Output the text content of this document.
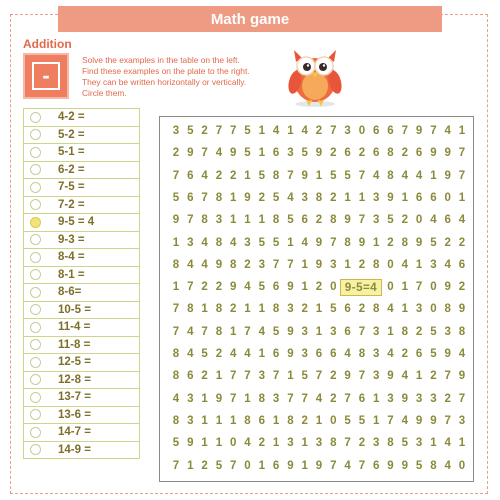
Math game
Addition
-
Solve the examples in the table on the left.
Find these examples on the plate to the right.
They can be written horizontally or vertically.
Circle them.
4-2 =
5-2 =
5-1 =
6-2 =
7-5 =
7-2 =
9-5 = 4
9-3 =
8-4 =
8-1 =
8-6=
10-5 =
11-4 =
11-8 =
12-5 =
12-8 =
13-7 =
13-6 =
14-7 =
14-9 =
3 5 2 7 7 5 1 4 1 4 2 7 3 0 6 6 7 9 7 4 1
2 9 7 4 9 5 1 6 3 5 9 2 6 2 6 8 2 6 9 9 7
7 6 4 2 2 1 5 8 7 9 1 5 5 7 4 8 4 4 1 9 7
5 6 7 8 1 9 2 5 4 3 8 2 1 1 3 9 1 6 6 0 1
9 7 8 3 1 1 1 8 5 6 2 8 9 7 3 5 2 0 4 6 4
1 3 4 8 4 3 5 5 1 4 9 7 8 9 1 2 8 9 5 2 2
8 4 4 9 8 2 3 7 7 1 9 3 1 2 8 0 4 1 3 4 6
1 7 2 2 9 4 5 6 9 1 2 0	0 1 7 0 9 2
7 8 1 8 2 1 1 8 3 2 1 5 6 2 8 4 1 3 0 8 9
7 4 7 8 1 7 4 5 9 3 1 3 6 7 3 1 8 2 5 3 8
8 4 5 2 4 4 1 6 9 3 6 6 4 8 3 4 2 6 5 9 4
8 6 2 1 7 7 3 7 1 5 7 2 9 7 3 9 4 1 2 7 9
4 3 1 9 7 1 8 3 7 7 4 2 7 6 1 3 9 3 3 2 7
8 3 1 1 1 8 6 1 8 2 1 0 5 5 1 7 4 9 9 7 3
5 9 1 1 0 4 2 1 3 1 3 8 7 2 3 8 5 3 1 4 1
7 1 2 5 7 0 1 6 9 1 9 7 4 7 6 9 9 5 8 4 0
9-5=4
